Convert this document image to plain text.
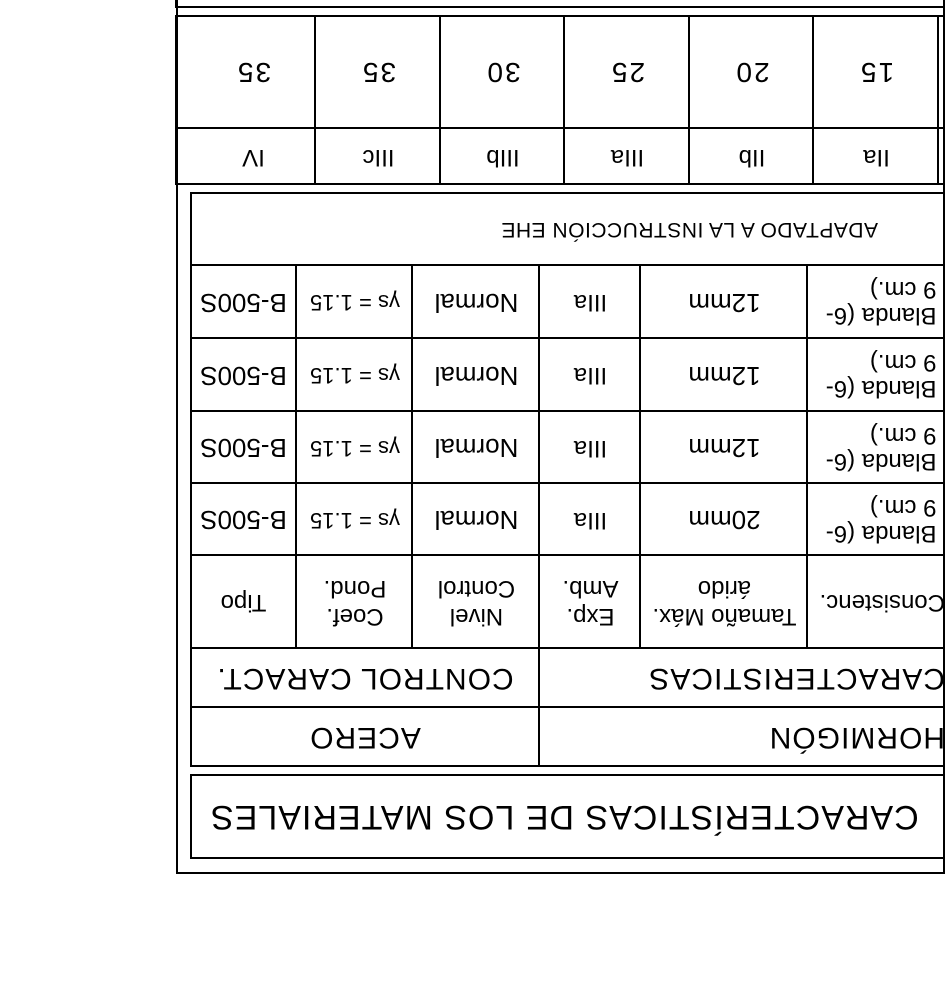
CARACTERÍSTICAS DE LOS MATERIALES
HORMIGÓN
ACERO
CARACTERISTICAS
CONTROL CARACT.
Consistenc.
Tamaño Máx. árido
Exp. Amb.
Nivel Control
Coef. Pond.
Tipo
Blanda (6-9 cm.)
20mm
IIIa
Normal
γs = 1.15
B-500S
Blanda (6-9 cm.)
12mm
IIIa
Normal
γs = 1.15
B-500S
Blanda (6-9 cm.)
12mm
IIIa
Normal
γs = 1.15
B-500S
Blanda (6-9 cm.)
12mm
IIIa
Normal
γs = 1.15
B-500S
ADAPTADO A LA INSTRUCCIÓN EHE
IIa
IIb
IIIa
IIIb
IIIc
IV
15
20
25
30
35
35
